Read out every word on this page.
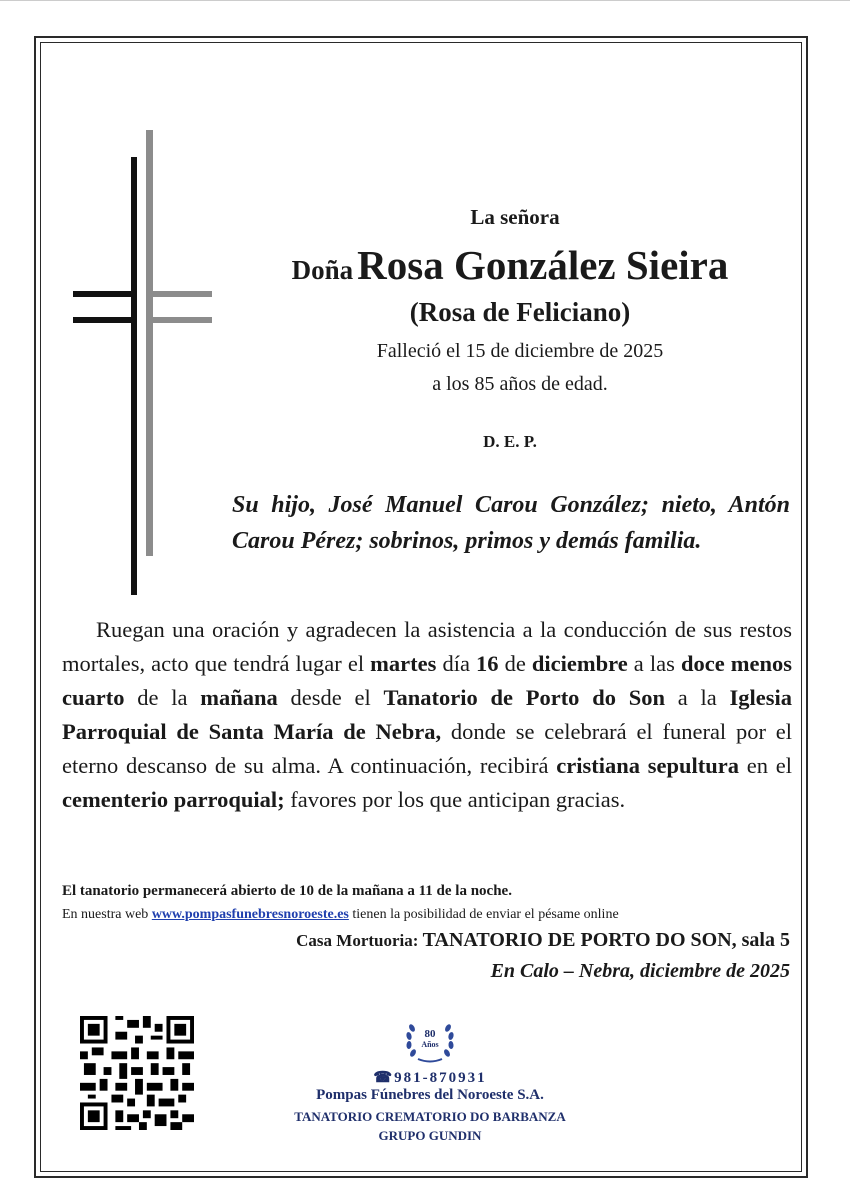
La señora
Doña Rosa González Sieira
(Rosa de Feliciano)
Falleció el 15 de diciembre de 2025
a los 85 años de edad.
D. E. P.
Su hijo, José Manuel Carou González; nieto, Antón Carou Pérez; sobrinos, primos y demás familia.
Ruegan una oración y agradecen la asistencia a la conducción de sus restos mortales, acto que tendrá lugar el martes día 16 de diciembre a las doce menos cuarto de la mañana desde el Tanatorio de Porto do Son a la Iglesia Parroquial de Santa María de Nebra, donde se celebrará el funeral por el eterno descanso de su alma. A continuación, recibirá cristiana sepultura en el cementerio parroquial; favores por los que anticipan gracias.
El tanatorio permanecerá abierto de 10 de la mañana a 11 de la noche.
En nuestra web www.pompasfunebresnoroeste.es tienen la posibilidad de enviar el pésame online
Casa Mortuoria: TANATORIO DE PORTO DO SON, sala 5
En Calo – Nebra, diciembre de 2025
80
Años
☎981-870931
Pompas Fúnebres del Noroeste S.A.
TANATORIO CREMATORIO DO BARBANZA
GRUPO GUNDIN
